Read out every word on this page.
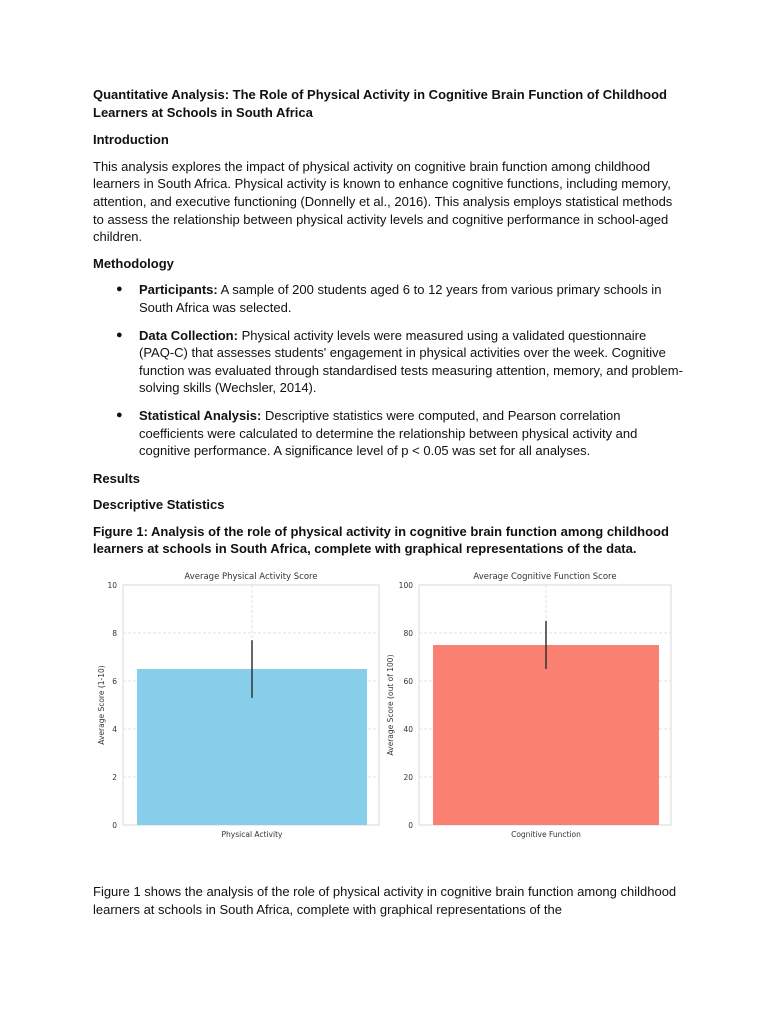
Quantitative Analysis: The Role of Physical Activity in Cognitive Brain Function of Childhood Learners at Schools in South Africa
Introduction

This analysis explores the impact of physical activity on cognitive brain function among childhood learners in South Africa. Physical activity is known to enhance cognitive functions, including memory, attention, and executive functioning (Donnelly et al., 2016). This analysis employs statistical methods to assess the relationship between physical activity levels and cognitive performance in school-aged children.

Methodology
● Participants: A sample of 200 students aged 6 to 12 years from various primary schools in South Africa was selected.
● Data Collection: Physical activity levels were measured using a validated questionnaire (PAQ-C) that assesses students' engagement in physical activities over the week. Cognitive function was evaluated through standardised tests measuring attention, memory, and problem-solving skills (Wechsler, 2014).
● Statistical Analysis: Descriptive statistics were computed, and Pearson correlation coefficients were calculated to determine the relationship between physical activity and cognitive performance. A significance level of p < 0.05 was set for all analyses.
Results
Descriptive Statistics
Figure 1: Analysis of the role of physical activity in cognitive brain function among childhood learners at schools in South Africa, complete with graphical representations of the data.
Average Physical Activity Score
0
2
4
6
8
10
Physical Activity
Average Score (1-10)
Average Cognitive Function Score
0
20
40
60
80
100
Cognitive Function
Average Score (out of 100)

Figure 1 shows the analysis of the role of physical activity in cognitive brain function among childhood learners at schools in South Africa, complete with graphical representations of the
